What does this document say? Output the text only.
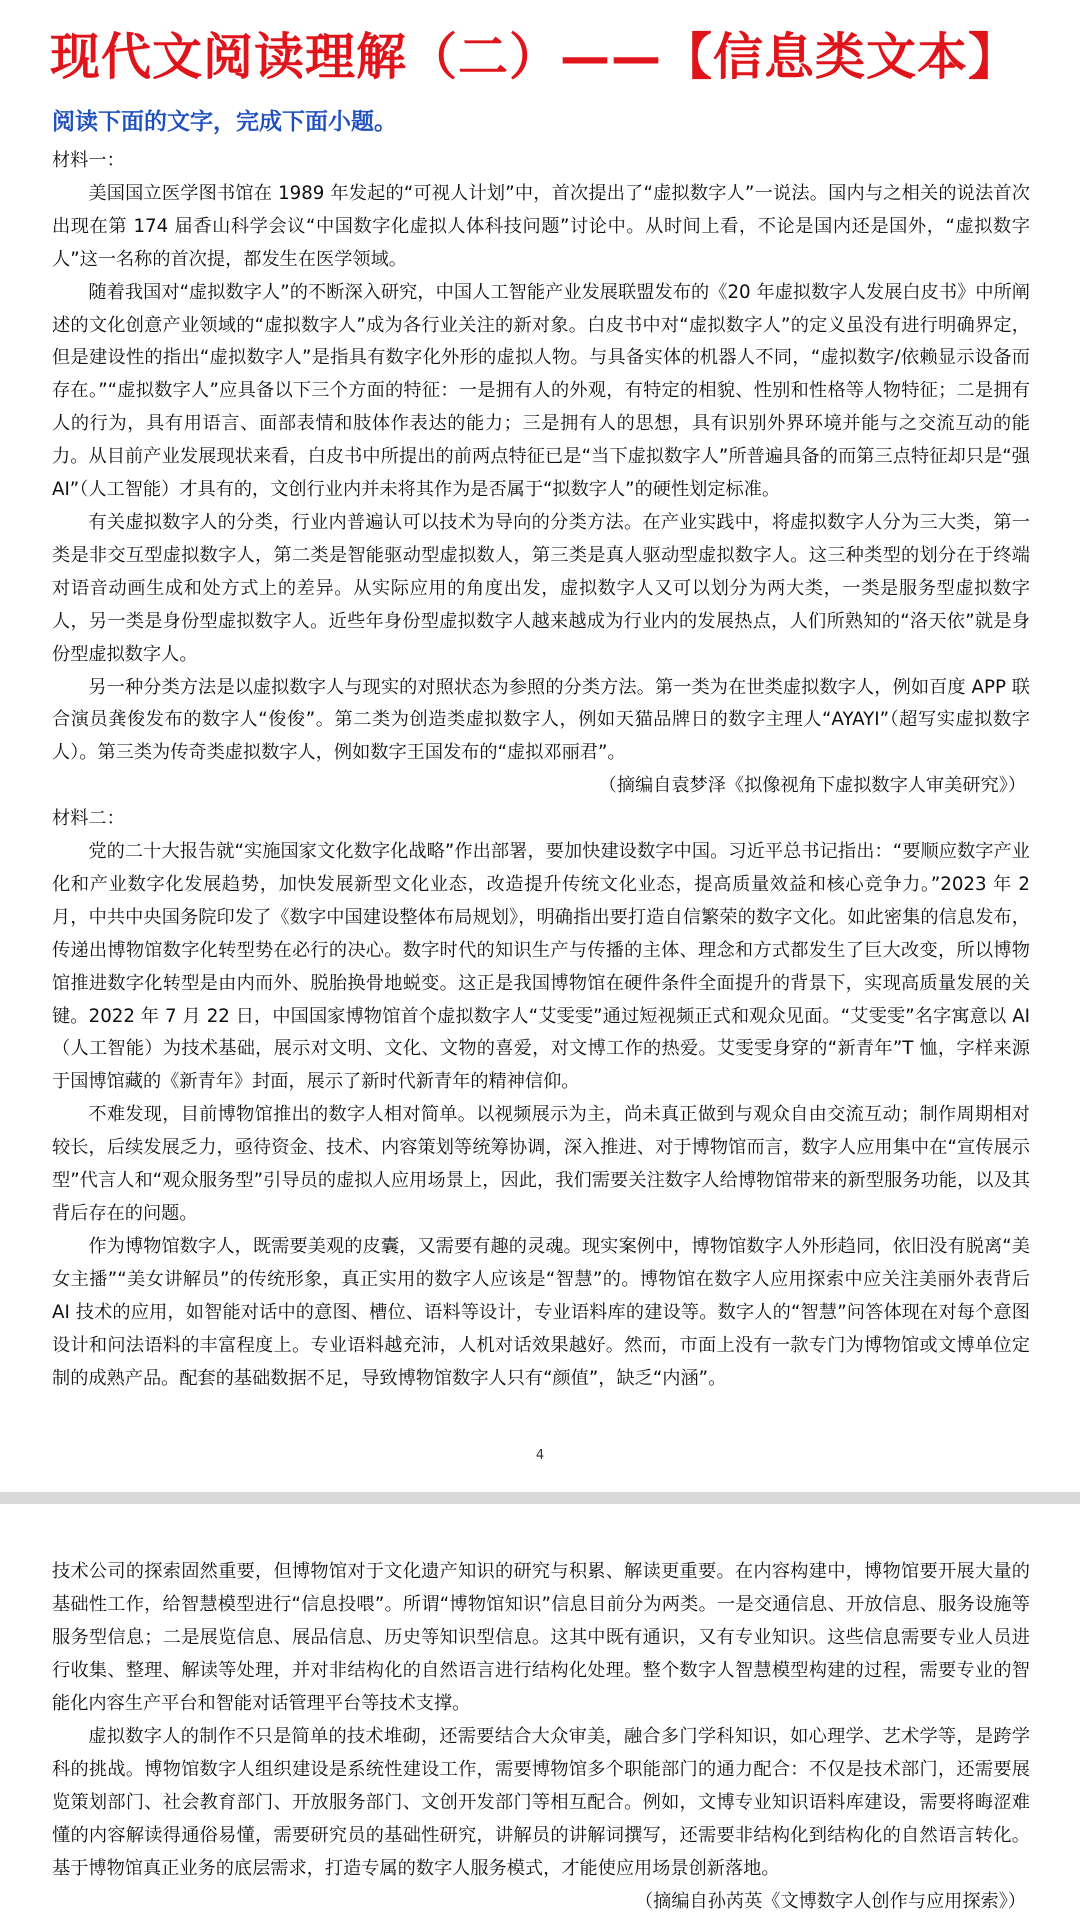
现代文阅读理解（二）——【信息类文本】
阅读下面的文字，完成下面小题。
材料一：

美国国立医学图书馆在 1989 年发起的“可视人计划”中，首次提出了“虚拟数字人”一说法。国内与之相关的说法首次出现在第 174 届香山科学会议“中国数字化虚拟人体科技问题”讨论中。从时间上看，不论是国内还是国外，“虚拟数字人”这一名称的首次提，都发生在医学领域。

随着我国对“虚拟数字人”的不断深入研究，中国人工智能产业发展联盟发布的《20 年虚拟数字人发展白皮书》中所阐述的文化创意产业领域的“虚拟数字人”成为各行业关注的新对象。白皮书中对“虚拟数字人”的定义虽没有进行明确界定，但是建设性的指出“虚拟数字人”是指具有数字化外形的虚拟人物。与具备实体的机器人不同，“虚拟数字/依赖显示设备而存在。”“虚拟数字人”应具备以下三个方面的特征：一是拥有人的外观，有特定的相貌、性别和性格等人物特征；二是拥有人的行为，具有用语言、面部表情和肢体作表达的能力；三是拥有人的思想，具有识别外界环境并能与之交流互动的能力。从目前产业发展现状来看，白皮书中所提出的前两点特征已是“当下虚拟数字人”所普遍具备的而第三点特征却只是“强 AI”（人工智能）才具有的，文创行业内并未将其作为是否属于“拟数字人”的硬性划定标准。

有关虚拟数字人的分类，行业内普遍认可以技术为导向的分类方法。在产业实践中，将虚拟数字人分为三大类，第一类是非交互型虚拟数字人，第二类是智能驱动型虚拟数人，第三类是真人驱动型虚拟数字人。这三种类型的划分在于终端对语音动画生成和处方式上的差异。从实际应用的角度出发，虚拟数字人又可以划分为两大类，一类是服务型虚拟数字人，另一类是身份型虚拟数字人。近些年身份型虚拟数字人越来越成为行业内的发展热点，人们所熟知的“洛天依”就是身份型虚拟数字人。

另一种分类方法是以虚拟数字人与现实的对照状态为参照的分类方法。第一类为在世类虚拟数字人，例如百度 APP 联合演员龚俊发布的数字人“俊俊”。第二类为创造类虚拟数字人，例如天猫品牌日的数字主理人“AYAYI”（超写实虚拟数字人）。第三类为传奇类虚拟数字人，例如数字王国发布的“虚拟邓丽君”。

（摘编自袁梦泽《拟像视角下虚拟数字人审美研究》）

材料二：

党的二十大报告就“实施国家文化数字化战略”作出部署，要加快建设数字中国。习近平总书记指出：“要顺应数字产业化和产业数字化发展趋势，加快发展新型文化业态，改造提升传统文化业态，提高质量效益和核心竞争力。”2023 年 2 月，中共中央国务院印发了《数字中国建设整体布局规划》，明确指出要打造自信繁荣的数字文化。如此密集的信息发布，传递出博物馆数字化转型势在必行的决心。数字时代的知识生产与传播的主体、理念和方式都发生了巨大改变，所以博物馆推进数字化转型是由内而外、脱胎换骨地蜕变。这正是我国博物馆在硬件条件全面提升的背景下，实现高质量发展的关键。2022 年 7 月 22 日，中国国家博物馆首个虚拟数字人“艾雯雯”通过短视频正式和观众见面。“艾雯雯”名字寓意以 AI（人工智能）为技术基础，展示对文明、文化、文物的喜爱，对文博工作的热爱。艾雯雯身穿的“新青年”T 恤，字样来源于国博馆藏的《新青年》封面，展示了新时代新青年的精神信仰。

不难发现，目前博物馆推出的数字人相对简单。以视频展示为主，尚未真正做到与观众自由交流互动；制作周期相对较长，后续发展乏力，亟待资金、技术、内容策划等统筹协调，深入推进、对于博物馆而言，数字人应用集中在“宣传展示型”代言人和“观众服务型”引导员的虚拟人应用场景上，因此，我们需要关注数字人给博物馆带来的新型服务功能，以及其背后存在的问题。

作为博物馆数字人，既需要美观的皮囊，又需要有趣的灵魂。现实案例中，博物馆数字人外形趋同，依旧没有脱离“美女主播”“美女讲解员”的传统形象，真正实用的数字人应该是“智慧”的。博物馆在数字人应用探索中应关注美丽外表背后 AI 技术的应用，如智能对话中的意图、槽位、语料等设计，专业语料库的建设等。数字人的“智慧”问答体现在对每个意图设计和问法语料的丰富程度上。专业语料越充沛，人机对话效果越好。然而，市面上没有一款专门为博物馆或文博单位定制的成熟产品。配套的基础数据不足，导致博物馆数字人只有“颜值”，缺乏“内涵”。

4

技术公司的探索固然重要，但博物馆对于文化遗产知识的研究与积累、解读更重要。在内容构建中，博物馆要开展大量的基础性工作，给智慧模型进行“信息投喂”。所谓“博物馆知识”信息目前分为两类。一是交通信息、开放信息、服务设施等服务型信息；二是展览信息、展品信息、历史等知识型信息。这其中既有通识，又有专业知识。这些信息需要专业人员进行收集、整理、解读等处理，并对非结构化的自然语言进行结构化处理。整个数字人智慧模型构建的过程，需要专业的智能化内容生产平台和智能对话管理平台等技术支撑。

虚拟数字人的制作不只是简单的技术堆砌，还需要结合大众审美，融合多门学科知识，如心理学、艺术学等，是跨学科的挑战。博物馆数字人组织建设是系统性建设工作，需要博物馆多个职能部门的通力配合：不仅是技术部门，还需要展览策划部门、社会教育部门、开放服务部门、文创开发部门等相互配合。例如，文博专业知识语料库建设，需要将晦涩难懂的内容解读得通俗易懂，需要研究员的基础性研究，讲解员的讲解词撰写，还需要非结构化到结构化的自然语言转化。基于博物馆真正业务的底层需求，打造专属的数字人服务模式，才能使应用场景创新落地。

（摘编自孙芮英《文博数字人创作与应用探索》）
